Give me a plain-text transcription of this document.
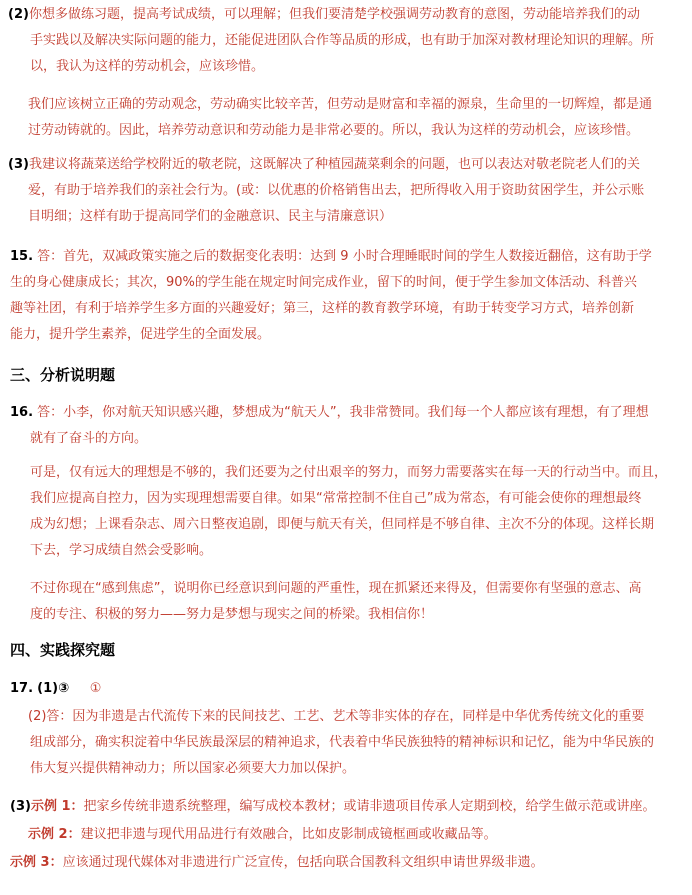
(2)你想多做练习题，提高考试成绩，可以理解；但我们要清楚学校强调劳动教育的意图，劳动能培养我们的动
手实践以及解决实际问题的能力，还能促进团队合作等品质的形成，也有助于加深对教材理论知识的理解。所
以，我认为这样的劳动机会，应该珍惜。
我们应该树立正确的劳动观念，劳动确实比较辛苦，但劳动是财富和幸福的源泉，生命里的一切辉煌，都是通
过劳动铸就的。因此，培养劳动意识和劳动能力是非常必要的。所以，我认为这样的劳动机会，应该珍惜。
(3)我建议将蔬菜送给学校附近的敬老院，这既解决了种植园蔬菜剩余的问题，也可以表达对敬老院老人们的关
爱，有助于培养我们的亲社会行为。(或：以优惠的价格销售出去，把所得收入用于资助贫困学生，并公示账
目明细；这样有助于提高同学们的金融意识、民主与清廉意识）
15. 答：首先，双减政策实施之后的数据变化表明：达到 9 小时合理睡眠时间的学生人数接近翻倍，这有助于学
生的身心健康成长；其次，90%的学生能在规定时间完成作业，留下的时间，便于学生参加文体活动、科普兴
趣等社团，有利于培养学生多方面的兴趣爱好；第三，这样的教育教学环境，有助于转变学习方式，培养创新
能力，提升学生素养，促进学生的全面发展。
三、分析说明题
16. 答：小李，你对航天知识感兴趣，梦想成为“航天人”，我非常赞同。我们每一个人都应该有理想，有了理想
就有了奋斗的方向。
可是，仅有远大的理想是不够的，我们还要为之付出艰辛的努力，而努力需要落实在每一天的行动当中。而且，
我们应提高自控力，因为实现理想需要自律。如果“常常控制不住自己”成为常态，有可能会使你的理想最终
成为幻想；上课看杂志、周六日整夜追剧，即便与航天有关，但同样是不够自律、主次不分的体现。这样长期
下去，学习成绩自然会受影响。
不过你现在“感到焦虑”，说明你已经意识到问题的严重性，现在抓紧还来得及，但需要你有坚强的意志、高
度的专注、积极的努力——努力是梦想与现实之间的桥梁。我相信你！
四、实践探究题
17. (1)③ ①
(2)答：因为非遗是古代流传下来的民间技艺、工艺、艺术等非实体的存在，同样是中华优秀传统文化的重要
组成部分，确实积淀着中华民族最深层的精神追求，代表着中华民族独特的精神标识和记忆，能为中华民族的
伟大复兴提供精神动力；所以国家必须要大力加以保护。
(3)示例 1：把家乡传统非遗系统整理，编写成校本教材；或请非遗项目传承人定期到校，给学生做示范或讲座。
示例 2：建议把非遗与现代用品进行有效融合，比如皮影制成镜框画或收藏品等。
示例 3：应该通过现代媒体对非遗进行广泛宣传，包括向联合国教科文组织申请世界级非遗。
